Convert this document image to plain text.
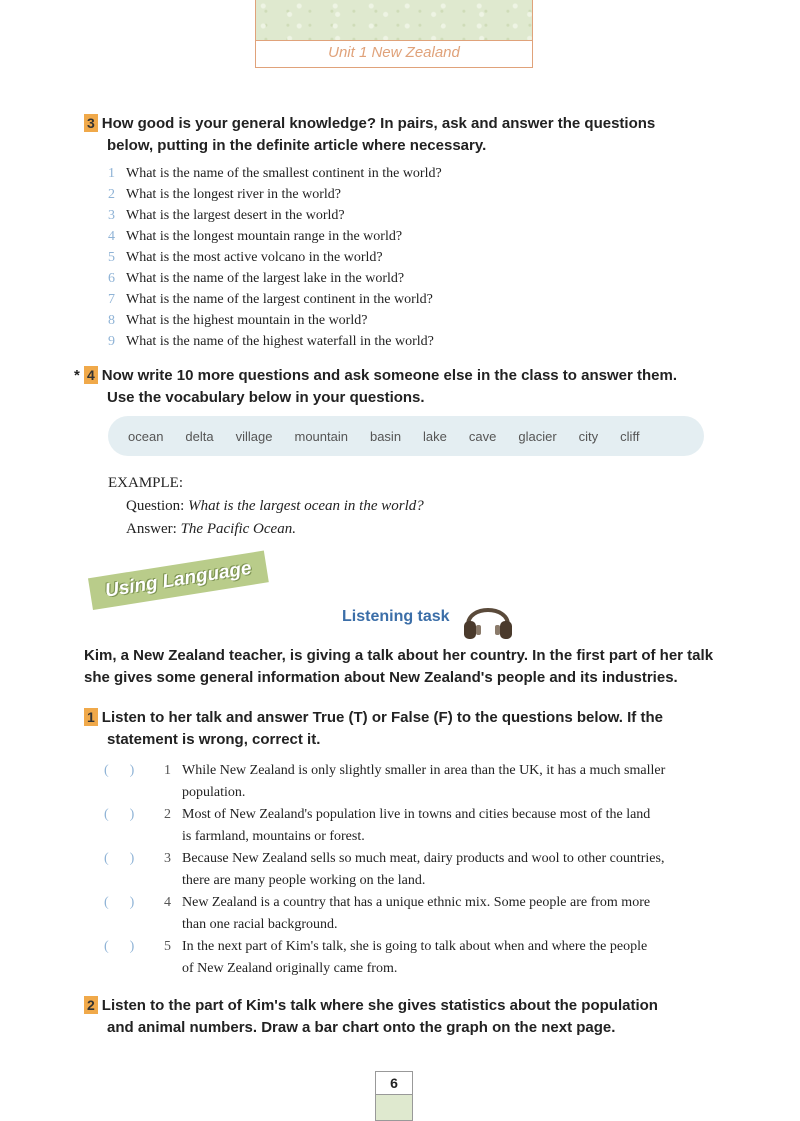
Unit 1 New Zealand
3 How good is your general knowledge? In pairs, ask and answer the questions
below, putting in the definite article where necessary.
1 What is the name of the smallest continent in the world?
2 What is the longest river in the world?
3 What is the largest desert in the world?
4 What is the longest mountain range in the world?
5 What is the most active volcano in the world?
6 What is the name of the largest lake in the world?
7 What is the name of the largest continent in the world?
8 What is the highest mountain in the world?
9 What is the name of the highest waterfall in the world?
* 4 Now write 10 more questions and ask someone else in the class to answer them.
Use the vocabulary below in your questions.
ocean delta village mountain basin lake cave glacier city cliff
EXAMPLE:
Question: What is the largest ocean in the world?
Answer: The Pacific Ocean.
Using Language
Listening task
Kim, a New Zealand teacher, is giving a talk about her country. In the first part of her talk
she gives some general information about New Zealand's people and its industries.
1 Listen to her talk and answer True (T) or False (F) to the questions below. If the
statement is wrong, correct it.
(      )	1 While New Zealand is only slightly smaller in area than the UK, it has a much smaller
population.
(      )	2 Most of New Zealand's population live in towns and cities because most of the land
is farmland, mountains or forest.
(      )	3 Because New Zealand sells so much meat, dairy products and wool to other countries,
there are many people working on the land.
(      )	4 New Zealand is a country that has a unique ethnic mix. Some people are from more
than one racial background.
(      )	5 In the next part of Kim's talk, she is going to talk about when and where the people
of New Zealand originally came from.
2 Listen to the part of Kim's talk where she gives statistics about the population
and animal numbers. Draw a bar chart onto the graph on the next page.
6
